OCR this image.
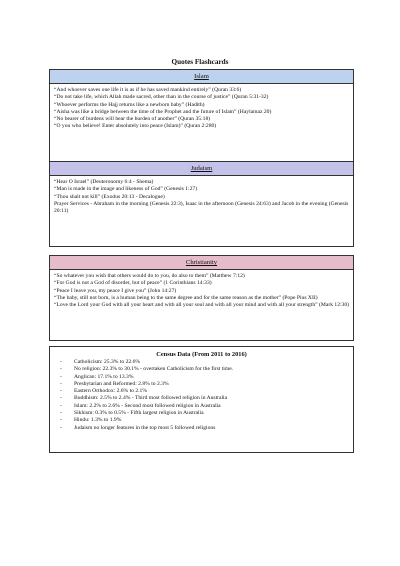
Quotes Flashcards
Islam
“And whoever saves one life it is as if he has saved mankind entirely” (Quran 33:6)
“Do not take life, which Allah made sacred, other than in the course of justice” (Quran 5:31-32)
“Whoever performs the Hajj returns like a newborn baby” (Hadith)
“Aisha was like a bridge between the time of the Prophet and the future of Islam” (Haylamaz 20)
“No bearer of burdens will bear the burden of another” (Quran 35:18)
“O you who believe! Enter absolutely into peace (Islam)” (Quran 2:280)
Judaism
“Hear O Israel” (Deuteronomy 6:4 - Shema)
“Man is made in the image and likeness of God” (Genesis 1:27)
“Thou shalt not kill” (Exodus 20:13 - Decalogue)
Prayer Services - Abraham in the morning (Genesis 22:3), Isaac in the afternoon (Genesis 24:63) and Jacob in the evening (Genesis 20:11)
Christianity
“So whatever you wish that others would do to you, do also to them” (Matthew 7:12)
“For God is not a God of disorder, but of peace” (1 Corinthians 14:33)
“Peace I leave you, my peace I give you” (John 14:27)
“The baby, still not born, is a human being to the same degree and for the same reason as the mother” (Pope Pius XII)
“Love the Lord your God with all your heart and with all your soul and with all your mind and with all your strength” (Mark 12:30)
Census Data (From 2011 to 2016)
-	Catholicism: 25.3% to 22.6%
-	No religion: 22.3% to 30.1% - overtaken Catholicism for the first time.
-	Anglican: 17.1% to 13.3%
-	Presbytarian and Reformed: 2.8% to 2.3%
-	Eastern Orthodox: 2.6% to 2.1%
-	Buddhism: 2.5% to 2.4% - Third most followed religion in Australia
-	Islam: 2.2% to 2.6% - Second most followed religion in Australia
-	Sikhism: 0.3% to 0.5% - Fifth largest religion in Australia
-	Hindu: 1.3% to 1.9%
-	Judaism no longer features in the top most 5 followed religions
